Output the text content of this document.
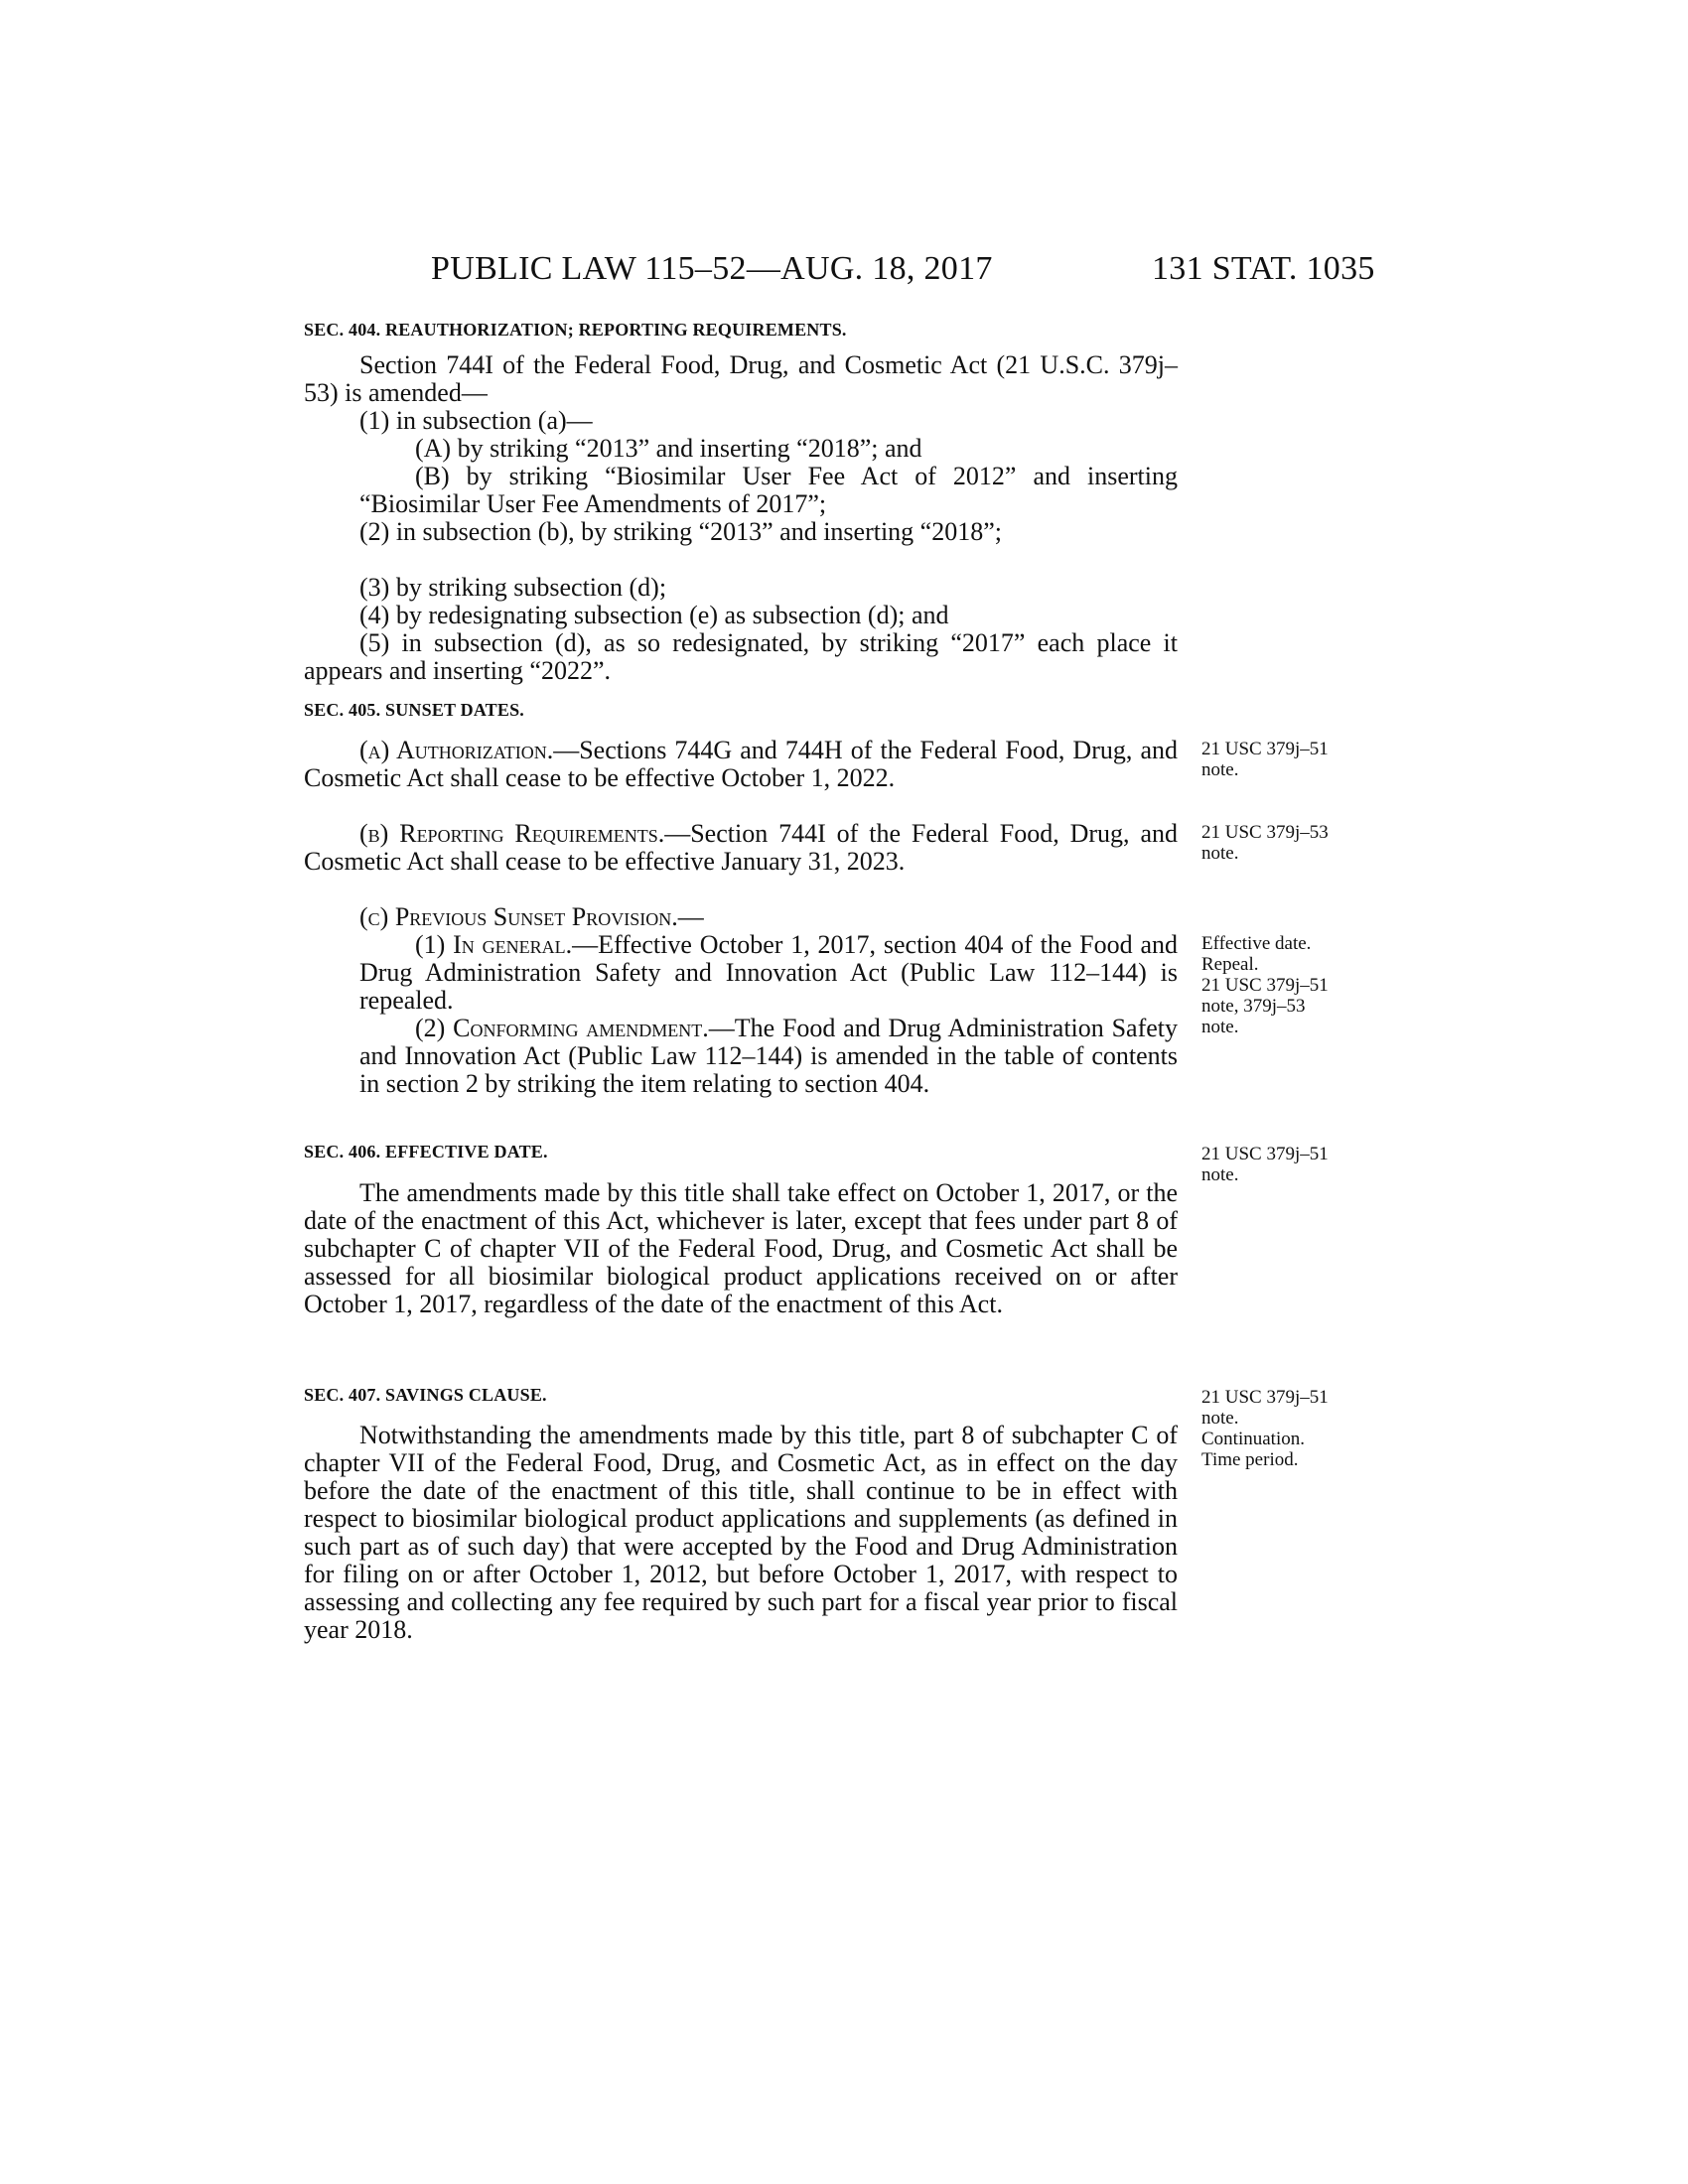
PUBLIC LAW 115–52—AUG. 18, 2017	131 STAT. 1035
SEC. 404. REAUTHORIZATION; REPORTING REQUIREMENTS.

Section 744I of the Federal Food, Drug, and Cosmetic Act (21 U.S.C. 379j–53) is amended—

(1) in subsection (a)—
(A) by striking “2013” and inserting “2018”; and

(B) by striking “Biosimilar User Fee Act of 2012” and inserting “Biosimilar User Fee Amendments of 2017”;

(2) in subsection (b), by striking “2013” and inserting “2018”;

(3) by striking subsection (d);

(4) by redesignating subsection (e) as subsection (d); and

(5) in subsection (d), as so redesignated, by striking “2017” each place it appears and inserting “2022”.

SEC. 405. SUNSET DATES.

(a) Authorization.—Sections 744G and 744H of the Federal Food, Drug, and Cosmetic Act shall cease to be effective October 1, 2022.

(b) Reporting Requirements.—Section 744I of the Federal Food, Drug, and Cosmetic Act shall cease to be effective January 31, 2023.

(c) Previous Sunset Provision.—

(1) In general.—Effective October 1, 2017, section 404 of the Food and Drug Administration Safety and Innovation Act (Public Law 112–144) is repealed.

(2) Conforming amendment.—The Food and Drug Administration Safety and Innovation Act (Public Law 112–144) is amended in the table of contents in section 2 by striking the item relating to section 404.

SEC. 406. EFFECTIVE DATE.

The amendments made by this title shall take effect on October 1, 2017, or the date of the enactment of this Act, whichever is later, except that fees under part 8 of subchapter C of chapter VII of the Federal Food, Drug, and Cosmetic Act shall be assessed for all biosimilar biological product applications received on or after October 1, 2017, regardless of the date of the enactment of this Act.

SEC. 407. SAVINGS CLAUSE.

Notwithstanding the amendments made by this title, part 8 of subchapter C of chapter VII of the Federal Food, Drug, and Cosmetic Act, as in effect on the day before the date of the enactment of this title, shall continue to be in effect with respect to biosimilar biological product applications and supplements (as defined in such part as of such day) that were accepted by the Food and Drug Administration for filing on or after October 1, 2012, but before October 1, 2017, with respect to assessing and collecting any fee required by such part for a fiscal year prior to fiscal year 2018.

21 USC 379j–51
note.
21 USC 379j–53
note.
Effective date.
Repeal.
21 USC 379j–51
note, 379j–53
note.
21 USC 379j–51
note.
21 USC 379j–51
note.
Continuation.
Time period.
